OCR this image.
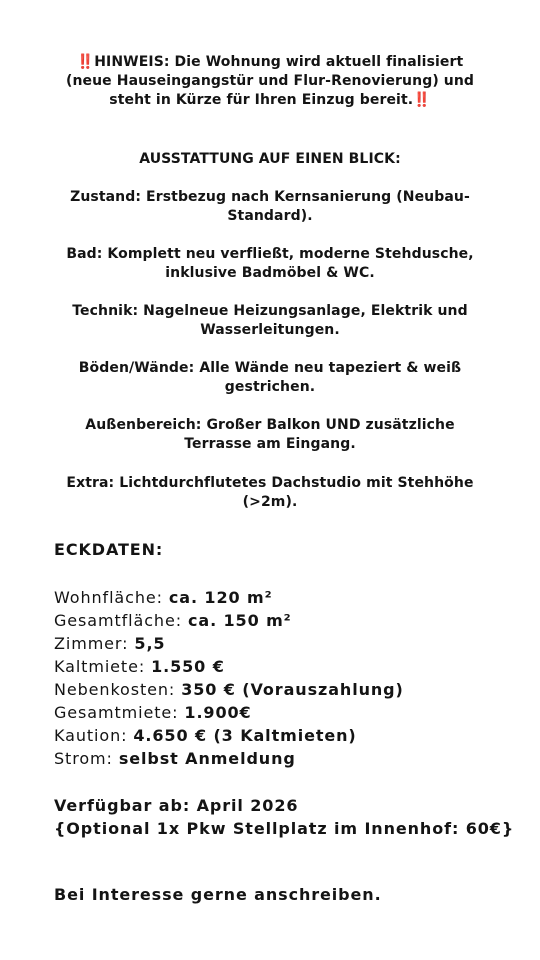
‼️HINWEIS: Die Wohnung wird aktuell finalisiert
(neue Hauseingangstür und Flur-Renovierung) und
steht in Kürze für Ihren Einzug bereit.‼️
AUSSTATTUNG AUF EINEN BLICK:
Zustand: Erstbezug nach Kernsanierung (Neubau-
Standard).
Bad: Komplett neu verfließt, moderne Stehdusche,
inklusive Badmöbel & WC.
Technik: Nagelneue Heizungsanlage, Elektrik und
Wasserleitungen.
Böden/Wände: Alle Wände neu tapeziert & weiß
gestrichen.
Außenbereich: Großer Balkon UND zusätzliche
Terrasse am Eingang.
Extra: Lichtdurchflutetes Dachstudio mit Stehhöhe
(>2m).
ECKDATEN:
Wohnfläche: ca. 120 m²
Gesamtfläche: ca. 150 m²
Zimmer: 5,5
Kaltmiete: 1.550 €
Nebenkosten: 350 € (Vorauszahlung)
Gesamtmiete: 1.900€
Kaution: 4.650 € (3 Kaltmieten)
Strom: selbst Anmeldung
Verfügbar ab: April 2026
{Optional 1x Pkw Stellplatz im Innenhof: 60€}
Bei Interesse gerne anschreiben.
